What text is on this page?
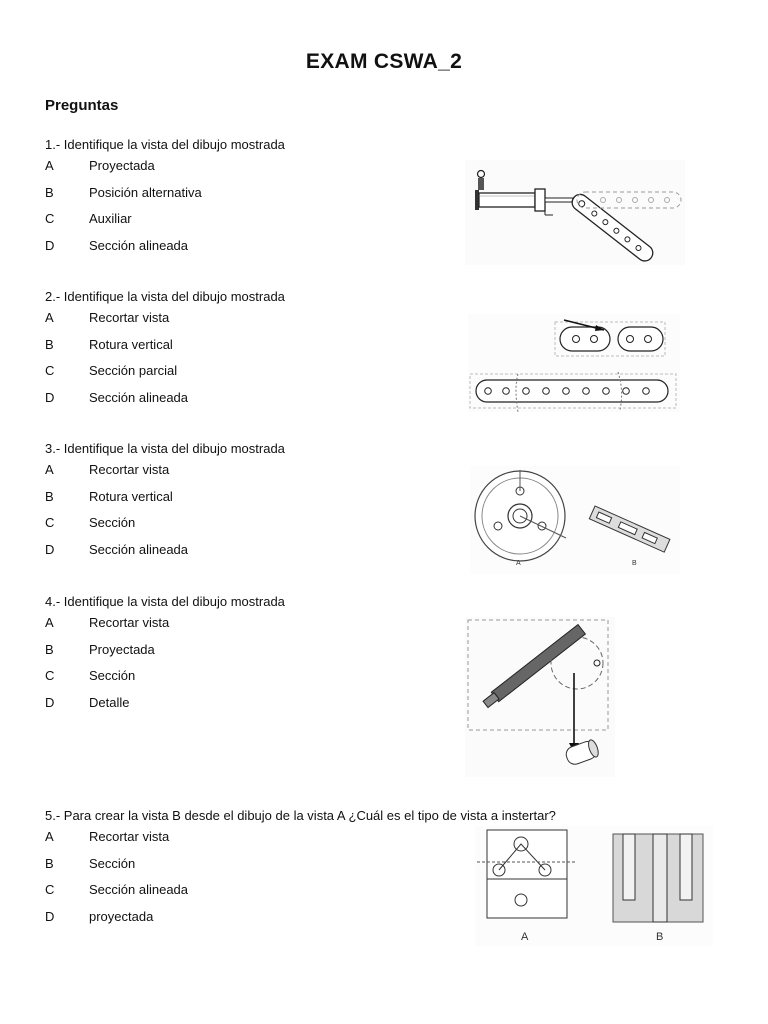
EXAM CSWA_2
Preguntas
1.- Identifique la vista del dibujo mostrada
A	Proyectada
B	Posición alternativa
C	Auxiliar
D	Sección alineada
2.- Identifique la vista del dibujo mostrada
A	Recortar vista
B	Rotura vertical
C	Sección parcial
D	Sección alineada
3.- Identifique la vista del dibujo mostrada
A	Recortar vista
B	Rotura vertical
C	Sección
D	Sección alineada
4.- Identifique la vista del dibujo mostrada
A	Recortar vista
B	Proyectada
C	Sección
D	Detalle
5.- Para crear la vista B desde el dibujo de la vista A ¿Cuál es el tipo de vista a instertar?
A	Recortar vista
B	Sección
C	Sección alineada
D	proyectada
A	B
A	B
